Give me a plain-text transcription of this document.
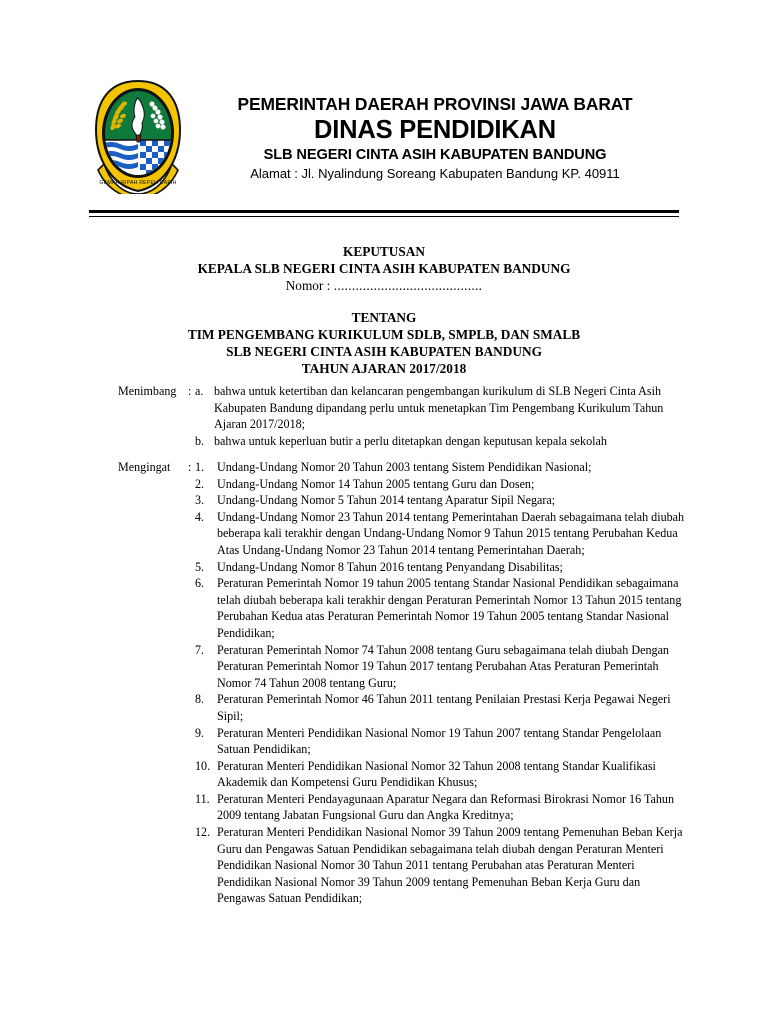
GEMAH RIPAH REPEH RAPIH
PEMERINTAH DAERAH PROVINSI JAWA BARAT
DINAS PENDIDIKAN
SLB NEGERI CINTA ASIH KABUPATEN BANDUNG
Alamat : Jl. Nyalindung Soreang Kabupaten Bandung KP. 40911
KEPUTUSAN
KEPALA SLB NEGERI CINTA ASIH KABUPATEN BANDUNG
Nomor : .........................................
TENTANG
TIM PENGEMBANG KURIKULUM SDLB, SMPLB, DAN SMALB
SLB NEGERI CINTA ASIH KABUPATEN BANDUNG
TAHUN AJARAN 2017/2018
Menimbang : a. bahwa untuk ketertiban dan kelancaran pengembangan kurikulum di SLB Negeri Cinta Asih Kabupaten Bandung dipandang perlu untuk menetapkan Tim Pengembang Kurikulum Tahun Ajaran 2017/2018;
b. bahwa untuk keperluan butir a perlu ditetapkan dengan keputusan kepala sekolah
Mengingat	: 1.	Undang-Undang Nomor 20 Tahun 2003 tentang Sistem Pendidikan Nasional;
2.	Undang-Undang Nomor 14 Tahun 2005 tentang Guru dan Dosen;
3.	Undang-Undang Nomor 5 Tahun 2014 tentang Aparatur Sipil Negara;
4.	Undang-Undang Nomor 23 Tahun 2014 tentang Pemerintahan Daerah sebagaimana telah diubah beberapa kali terakhir dengan Undang-Undang Nomor 9 Tahun 2015 tentang Perubahan Kedua Atas Undang-Undang Nomor 23 Tahun 2014 tentang Pemerintahan Daerah;
5.	Undang-Undang Nomor 8 Tahun 2016 tentang Penyandang Disabilitas;
6.	Peraturan Pemerintah Nomor 19 tahun 2005 tentang Standar Nasional Pendidikan sebagaimana telah diubah beberapa kali terakhir dengan Peraturan Pemerintah Nomor 13 Tahun 2015 tentang Perubahan Kedua atas Peraturan Pemerintah Nomor 19 Tahun 2005 tentang Standar Nasional Pendidikan;
7.	Peraturan Pemerintah Nomor 74 Tahun 2008 tentang Guru sebagaimana telah diubah Dengan Peraturan Pemerintah Nomor 19 Tahun 2017 tentang Perubahan Atas Peraturan Pemerintah Nomor 74 Tahun 2008 tentang Guru;
8.	Peraturan Pemerintah Nomor 46 Tahun 2011 tentang Penilaian Prestasi Kerja Pegawai Negeri Sipil;
9.	Peraturan Menteri Pendidikan Nasional Nomor 19 Tahun 2007 tentang Standar Pengelolaan Satuan Pendidikan;
10. Peraturan Menteri Pendidikan Nasional Nomor 32 Tahun 2008 tentang Standar Kualifikasi Akademik dan Kompetensi Guru Pendidikan Khusus;
11. Peraturan Menteri Pendayagunaan Aparatur Negara dan Reformasi Birokrasi Nomor 16 Tahun 2009 tentang Jabatan Fungsional Guru dan Angka Kreditnya;
12. Peraturan Menteri Pendidikan Nasional Nomor 39 Tahun 2009 tentang Pemenuhan Beban Kerja Guru dan Pengawas Satuan Pendidikan sebagaimana telah diubah dengan Peraturan Menteri Pendidikan Nasional Nomor 30 Tahun 2011 tentang Perubahan atas Peraturan Menteri Pendidikan Nasional Nomor 39 Tahun 2009 tentang Pemenuhan Beban Kerja Guru dan Pengawas Satuan Pendidikan;
